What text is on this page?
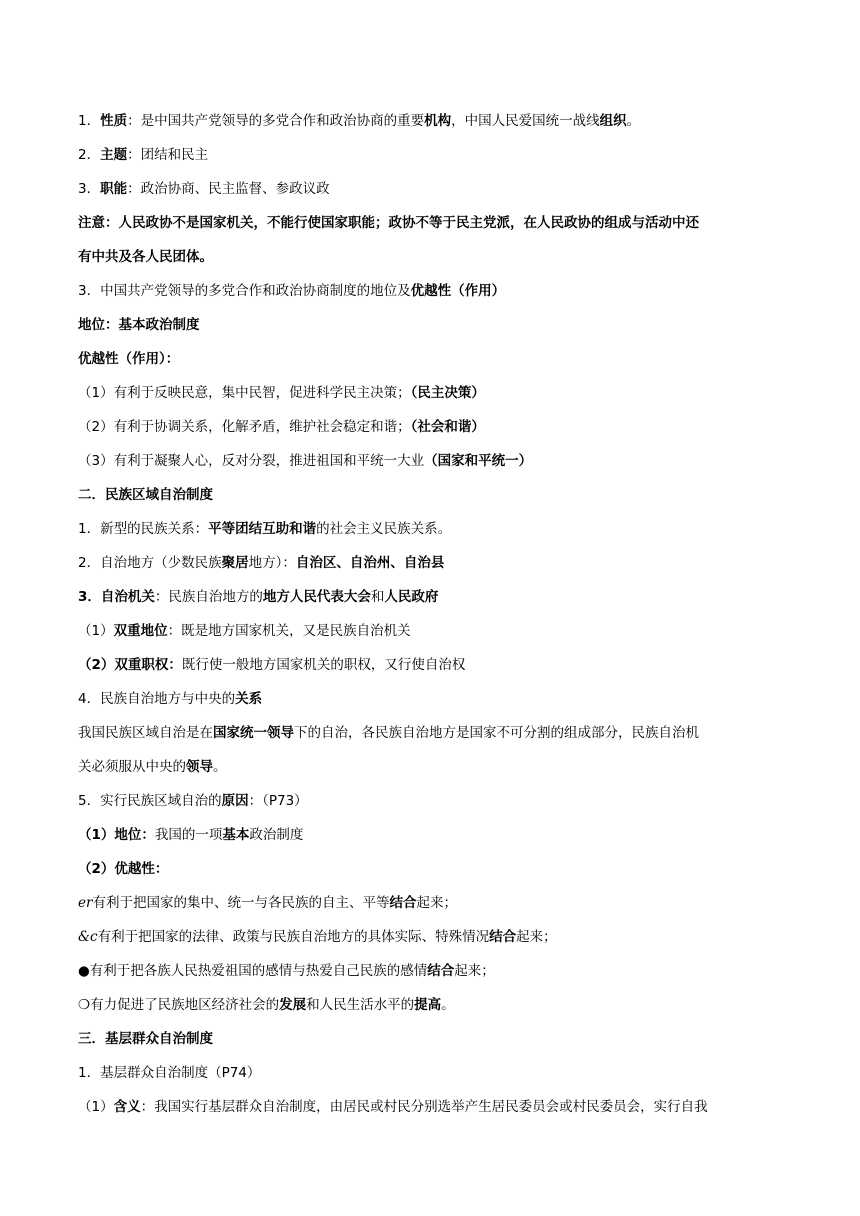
1．性质：是中国共产党领导的多党合作和政治协商的重要机构，中国人民爱国统一战线组织。
2．主题：团结和民主
3．职能：政治协商、民主监督、参政议政
注意：人民政协不是国家机关，不能行使国家职能；政协不等于民主党派，在人民政协的组成与活动中还
有中共及各人民团体。
3．中国共产党领导的多党合作和政治协商制度的地位及优越性（作用）
地位：基本政治制度
优越性（作用）：
（1）有利于反映民意，集中民智，促进科学民主决策；（民主决策）
（2）有利于协调关系，化解矛盾，维护社会稳定和谐；（社会和谐）
（3）有利于凝聚人心，反对分裂，推进祖国和平统一大业（国家和平统一）
二．民族区域自治制度
1．新型的民族关系：平等团结互助和谐的社会主义民族关系。
2．自治地方（少数民族聚居地方）：自治区、自治州、自治县
3．自治机关：民族自治地方的地方人民代表大会和人民政府
（1）双重地位：既是地方国家机关，又是民族自治机关
（2）双重职权：既行使一般地方国家机关的职权，又行使自治权
4．民族自治地方与中央的关系
我国民族区域自治是在国家统一领导下的自治，各民族自治地方是国家不可分割的组成部分，民族自治机
关必须服从中央的领导。
5．实行民族区域自治的原因：（P73）
（1）地位：我国的一项基本政治制度
（2）优越性：
er有利于把国家的集中、统一与各民族的自主、平等结合起来；
&c有利于把国家的法律、政策与民族自治地方的具体实际、特殊情况结合起来；
●有利于把各族人民热爱祖国的感情与热爱自己民族的感情结合起来；
❍有力促进了民族地区经济社会的发展和人民生活水平的提高。
三．基层群众自治制度
1．基层群众自治制度（P74）
（1）含义：我国实行基层群众自治制度，由居民或村民分别选举产生居民委员会或村民委员会，实行自我
